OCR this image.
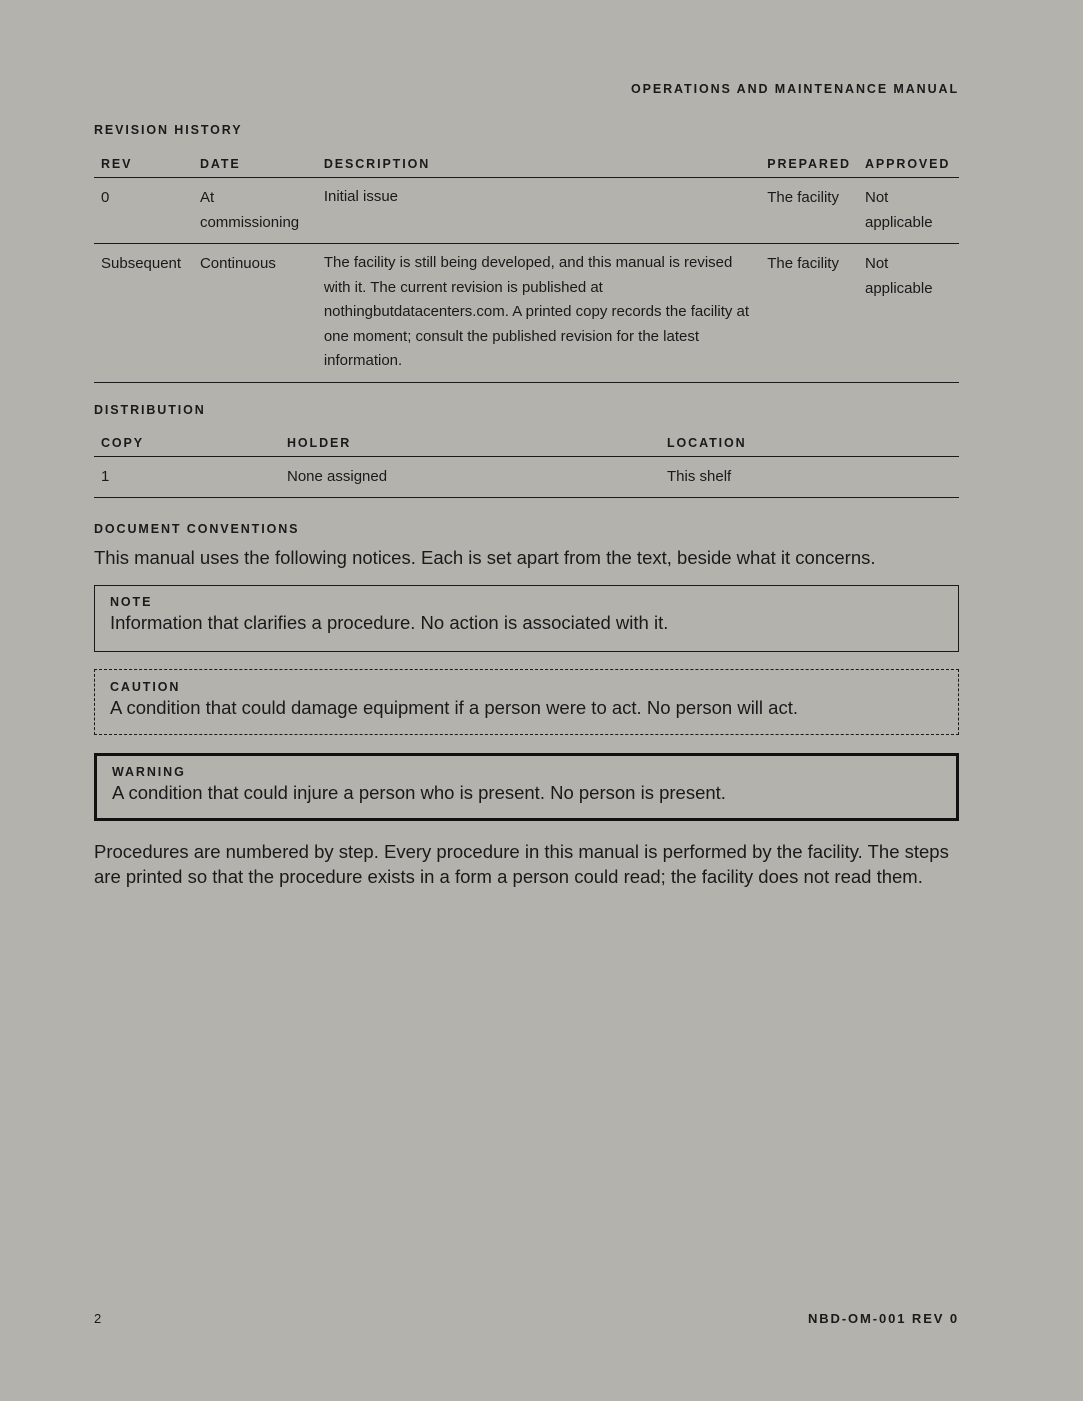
OPERATIONS AND MAINTENANCE MANUAL
REVISION HISTORY
REV	DATE	DESCRIPTION	PREPARED	APPROVED
0	At commissioning	Initial issue	The facility	Not applicable
Subsequent	Continuous	The facility is still being developed, and this manual is revised with it. The current revision is published at nothingbutdatacenters.com. A printed copy records the facility at one moment; consult the published revision for the latest information.	The facility	Not applicable
DISTRIBUTION
COPY	HOLDER	LOCATION
1	None assigned	This shelf
DOCUMENT CONVENTIONS
This manual uses the following notices. Each is set apart from the text, beside what it concerns.
NOTE
Information that clarifies a procedure. No action is associated with it.
CAUTION
A condition that could damage equipment if a person were to act. No person will act.
WARNING
A condition that could injure a person who is present. No person is present.
Procedures are numbered by step. Every procedure in this manual is performed by the facility. The steps are printed so that the procedure exists in a form a person could read; the facility does not read them.
2	NBD-OM-001 REV 0
